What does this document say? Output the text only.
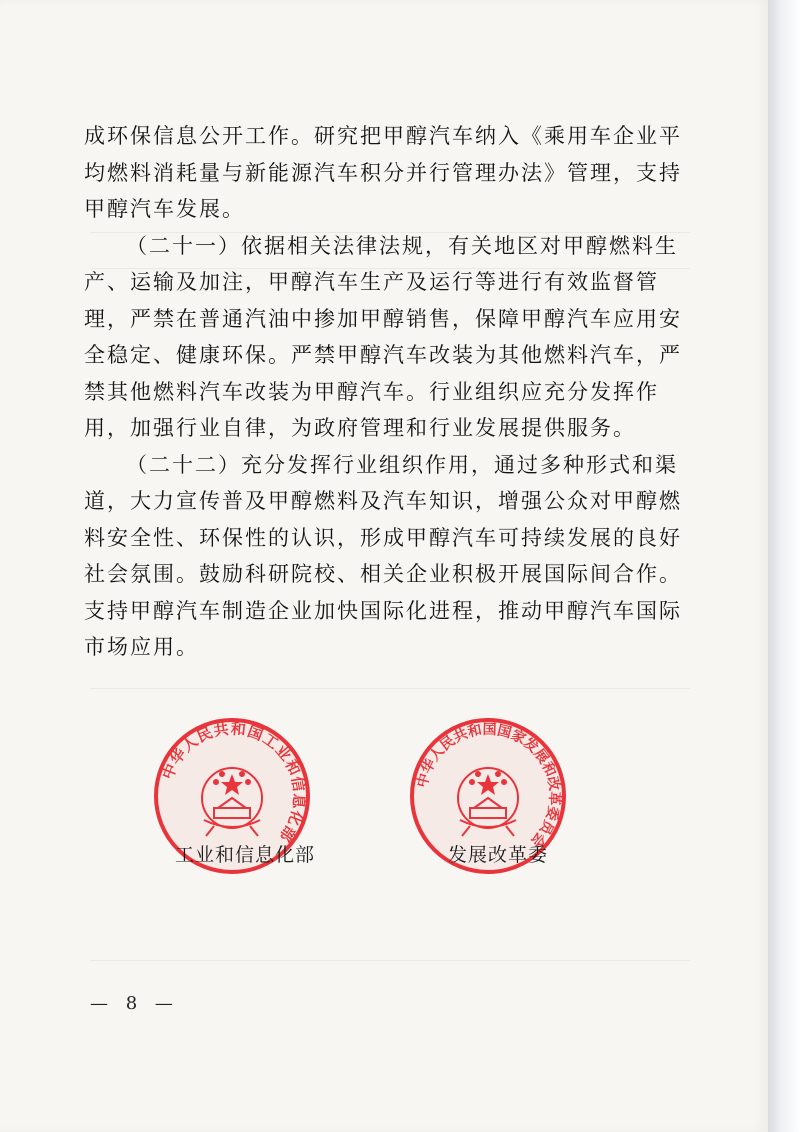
成环保信息公开工作。研究把甲醇汽车纳入《乘用车企业平均燃料消耗量与新能源汽车积分并行管理办法》管理，支持甲醇汽车发展。

（二十一）依据相关法律法规，有关地区对甲醇燃料生产、运输及加注，甲醇汽车生产及运行等进行有效监督管理，严禁在普通汽油中掺加甲醇销售，保障甲醇汽车应用安全稳定、健康环保。严禁甲醇汽车改装为其他燃料汽车，严禁其他燃料汽车改装为甲醇汽车。行业组织应充分发挥作用，加强行业自律，为政府管理和行业发展提供服务。

（二十二）充分发挥行业组织作用，通过多种形式和渠道，大力宣传普及甲醇燃料及汽车知识，增强公众对甲醇燃料安全性、环保性的认识，形成甲醇汽车可持续发展的良好社会氛围。鼓励科研院校、相关企业积极开展国际间合作。支持甲醇汽车制造企业加快国际化进程，推动甲醇汽车国际市场应用。

中华人民共和国工业和信息化部
工业和信息化部
中华人民共和国国家发展和改革委员会
发展改革委
— 8 —
